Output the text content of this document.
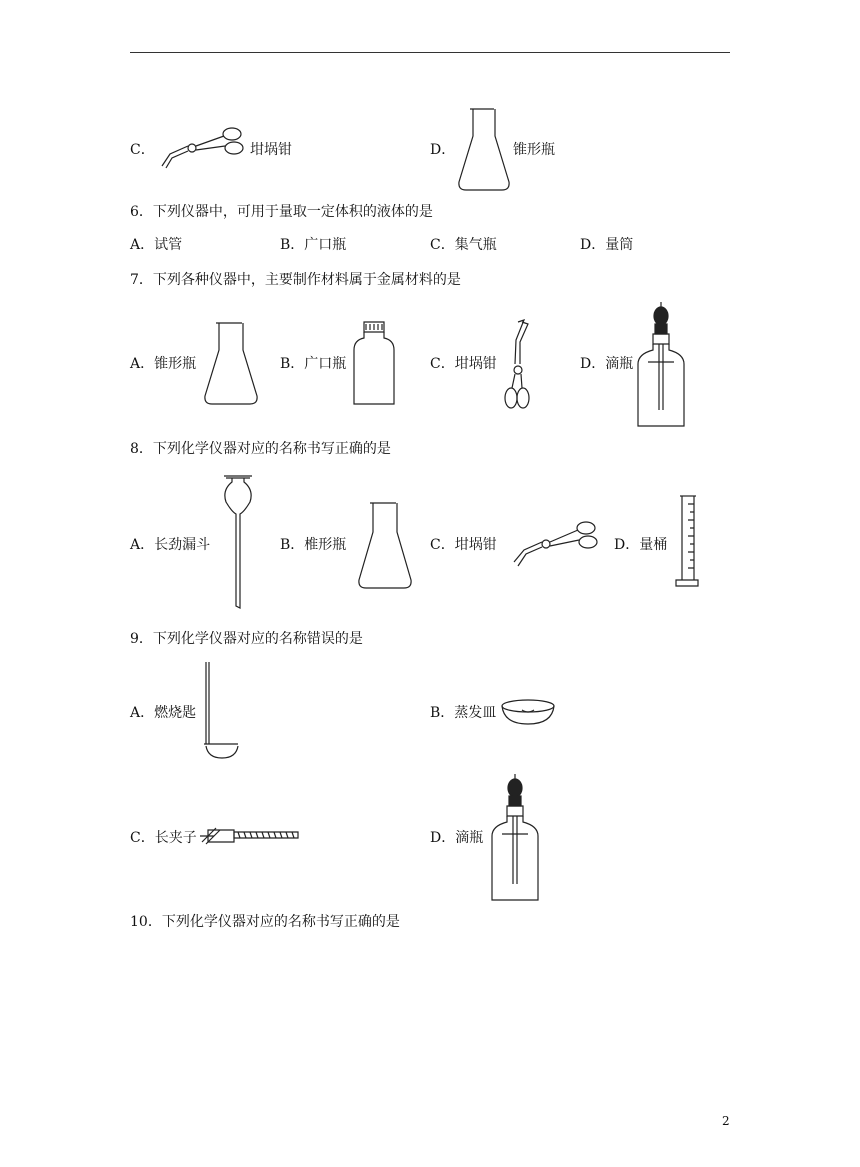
C．	坩埚钳	D．	锥形瓶
6．下列仪器中，可用于量取一定体积的液体的是
A．试管	B．广口瓶	C．集气瓶	D．量筒
7．下列各种仪器中，主要制作材料属于金属材料的是
A．锥形瓶	B．广口瓶	C．坩埚钳	D．滴瓶
8．下列化学仪器对应的名称书写正确的是
A．长劲漏斗	B．椎形瓶	C．坩埚钳	D．量桶
9．下列化学仪器对应的名称错误的是
A．燃烧匙	B．蒸发皿
C．长夹子	D．滴瓶
10．下列化学仪器对应的名称书写正确的是
2
